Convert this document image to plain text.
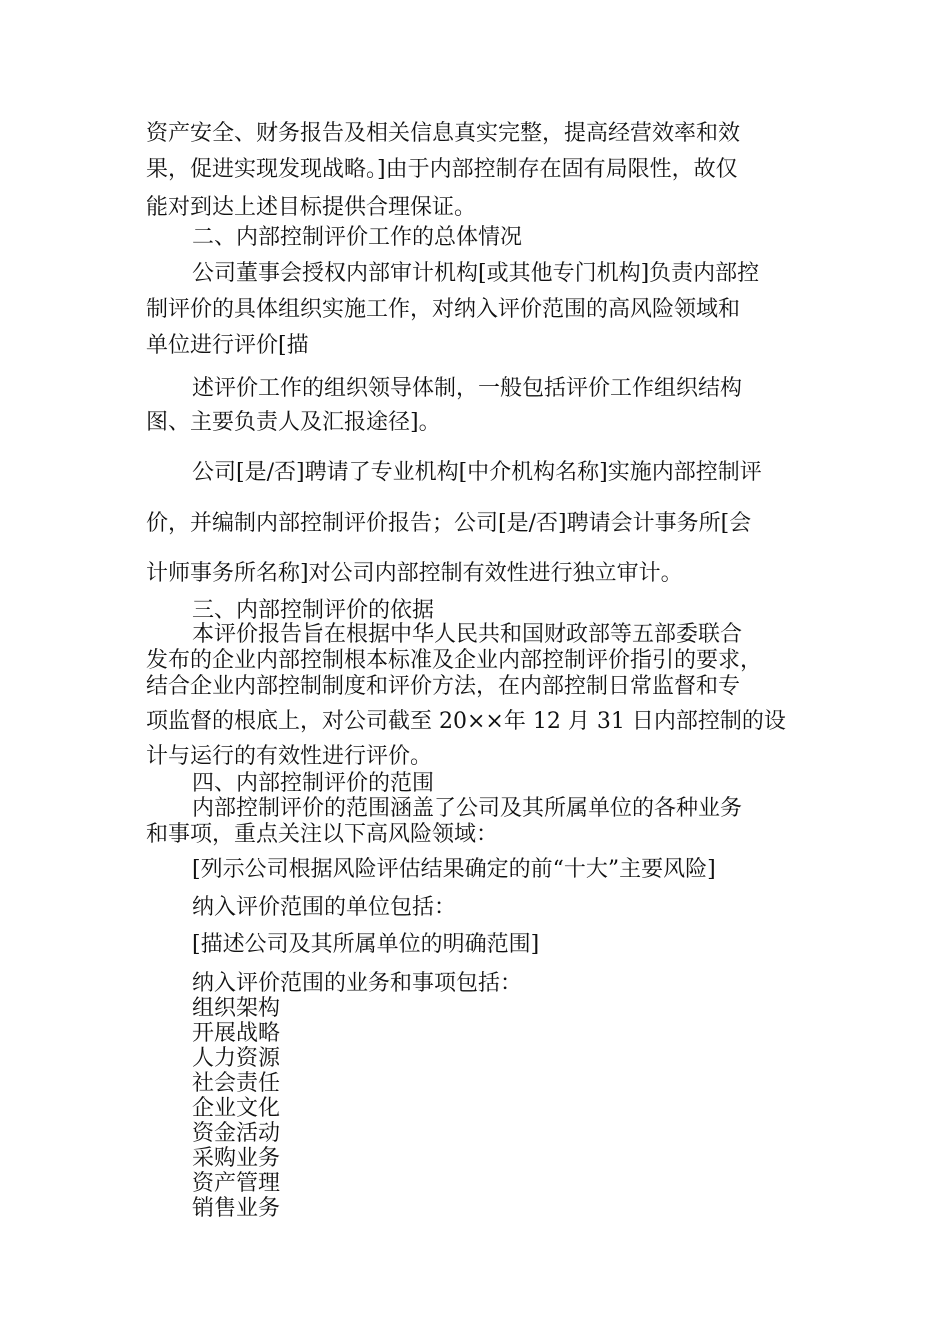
资产安全、财务报告及相关信息真实完整，提高经营效率和效
果，促进实现发现战略。]由于内部控制存在固有局限性，故仅
能对到达上述目标提供合理保证。
二、内部控制评价工作的总体情况
公司董事会授权内部审计机构[或其他专门机构]负责内部控
制评价的具体组织实施工作，对纳入评价范围的高风险领域和
单位进行评价[描
述评价工作的组织领导体制，一般包括评价工作组织结构
图、主要负责人及汇报途径]。
公司[是/否]聘请了专业机构[中介机构名称]实施内部控制评
价，并编制内部控制评价报告；公司[是/否]聘请会计事务所[会
计师事务所名称]对公司内部控制有效性进行独立审计。
三、内部控制评价的依据
本评价报告旨在根据中华人民共和国财政部等五部委联合
发布的企业内部控制根本标准及企业内部控制评价指引的要求，
结合企业内部控制制度和评价方法，在内部控制日常监督和专
项监督的根底上，对公司截至 20××年 12 月 31 日内部控制的设
计与运行的有效性进行评价。
四、内部控制评价的范围
内部控制评价的范围涵盖了公司及其所属单位的各种业务
和事项，重点关注以下高风险领域：
[列示公司根据风险评估结果确定的前“十大”主要风险]
纳入评价范围的单位包括：
[描述公司及其所属单位的明确范围]
纳入评价范围的业务和事项包括：
组织架构
开展战略
人力资源
社会责任
企业文化
资金活动
采购业务
资产管理
销售业务
